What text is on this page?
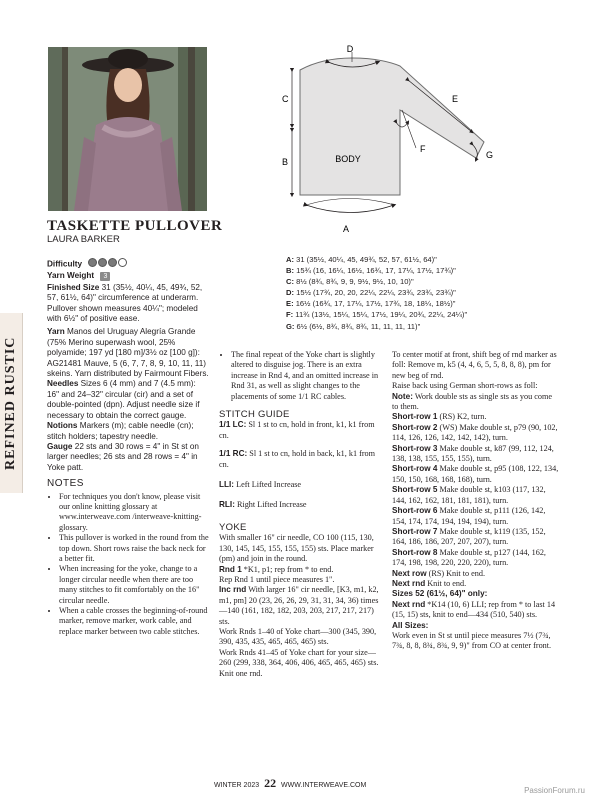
REFINED RUSTIC
TASKETTE PULLOVER
LAURA BARKER

Difficulty

Yarn Weight 3

Finished Size 31 (35½, 40¼, 45, 49¾, 52, 57, 61½, 64)" circumference at underarm. Pullover shown measures 40¼"; modeled with 6½" of positive ease.

Yarn Manos del Uruguay Alegría Grande (75% Merino superwash wool, 25% polyamide; 197 yd [180 m]/3½ oz [100 g]): AG21481 Mauve, 5 (6, 7, 7, 8, 9, 10, 11, 11) skeins. Yarn distributed by Fairmount Fibers.

Needles Sizes 6 (4 mm) and 7 (4.5 mm): 16" and 24–32" circular (cir) and a set of double-pointed (dpn). Adjust needle size if necessary to obtain the correct gauge.

Notions Markers (m); cable needle (cn); stitch holders; tapestry needle.

Gauge 22 sts and 30 rows = 4" in St st on larger needles; 26 sts and 28 rows = 4" in Yoke patt.

NOTES

• For techniques you don't know, please visit our online knitting glossary at www.interweave.com /interweave-knitting-glossary.
• This pullover is worked in the round from the top down. Short rows raise the back neck for a better fit.
• When increasing for the yoke, change to a longer circular needle when there are too many stitches to fit comfortably on the 16" circular needle.
• When a cable crosses the beginning-of-round marker, remove marker, work cable, and replace marker between two cable stitches.
D
C
B
E
F
G
A
BODY
A: 31 (35½, 40¼, 45, 49¾, 52, 57, 61½, 64)"
B: 15¾ (16, 16¼, 16½, 16¾, 17, 17¼, 17½, 17¾)"
C: 8½ (8¾, 8¾, 9, 9, 9½, 9½, 10, 10)"
D: 15½ (17¾, 20, 20, 22¼, 22¼, 23¾, 23¾, 23¾)"
E: 16½ (16¾, 17, 17¼, 17½, 17¾, 18, 18¼, 18½)"
F: 11¾ (13½, 15¼, 15¼, 17½, 19¼, 20¾, 22¼, 24¼)"
G: 6½ (6½, 8¾, 8¾, 8¾, 11, 11, 11, 11)"
• The final repeat of the Yoke chart is slightly altered to disguise jog. There is an extra increase in Rnd 4, and an omitted increase in Rnd 31, as well as slight changes to the placements of some 1/1 RC cables.

STITCH GUIDE

1/1 LC: Sl 1 st to cn, hold in front, k1, k1 from cn.

1/1 RC: Sl 1 st to cn, hold in back, k1, k1 from cn.

LLI: Left Lifted Increase

RLI: Right Lifted Increase

YOKE

With smaller 16" cir needle, CO 100 (115, 130, 130, 145, 145, 155, 155, 155) sts. Place marker (pm) and join in the round.

Rnd 1 *K1, p1; rep from * to end.

Rep Rnd 1 until piece measures 1".

Inc rnd With larger 16" cir needle, [K3, m1, k2, m1, pm] 20 (23, 26, 26, 29, 31, 31, 34, 36) times—140 (161, 182, 182, 203, 203, 217, 217, 217) sts.

Work Rnds 1–40 of Yoke chart—300 (345, 390, 390, 435, 435, 465, 465, 465) sts.

Work Rnds 41–45 of Yoke chart for your size—260 (299, 338, 364, 406, 406, 465, 465, 465) sts. Knit one rnd.

To center motif at front, shift beg of rnd marker as foll: Remove m, k5 (4, 4, 6, 5, 5, 8, 8, 8), pm for new beg of rnd.

Raise back using German short-rows as foll:

Note: Work double sts as single sts as you come to them.

Short-row 1 (RS) K2, turn.

Short-row 2 (WS) Make double st, p79 (90, 102, 114, 126, 126, 142, 142, 142), turn.

Short-row 3 Make double st, k87 (99, 112, 124, 138, 138, 155, 155, 155), turn.

Short-row 4 Make double st, p95 (108, 122, 134, 150, 150, 168, 168, 168), turn.

Short-row 5 Make double st, k103 (117, 132, 144, 162, 162, 181, 181, 181), turn.

Short-row 6 Make double st, p111 (126, 142, 154, 174, 174, 194, 194, 194), turn.

Short-row 7 Make double st, k119 (135, 152, 164, 186, 186, 207, 207, 207), turn.

Short-row 8 Make double st, p127 (144, 162, 174, 198, 198, 220, 220, 220), turn.

Next row (RS) Knit to end.

Next rnd Knit to end.

Sizes 52 (61½, 64)" only:

Next rnd *K14 (10, 6) LLI; rep from * to last 14 (15, 15) sts, knit to end—434 (510, 540) sts.

All Sizes:

Work even in St st until piece measures 7½ (7¾, 7¾, 8, 8, 8¾, 8¾, 9, 9)" from CO at center front.

WINTER 2023 22 WWW.INTERWEAVE.COM
PassionForum.ru
